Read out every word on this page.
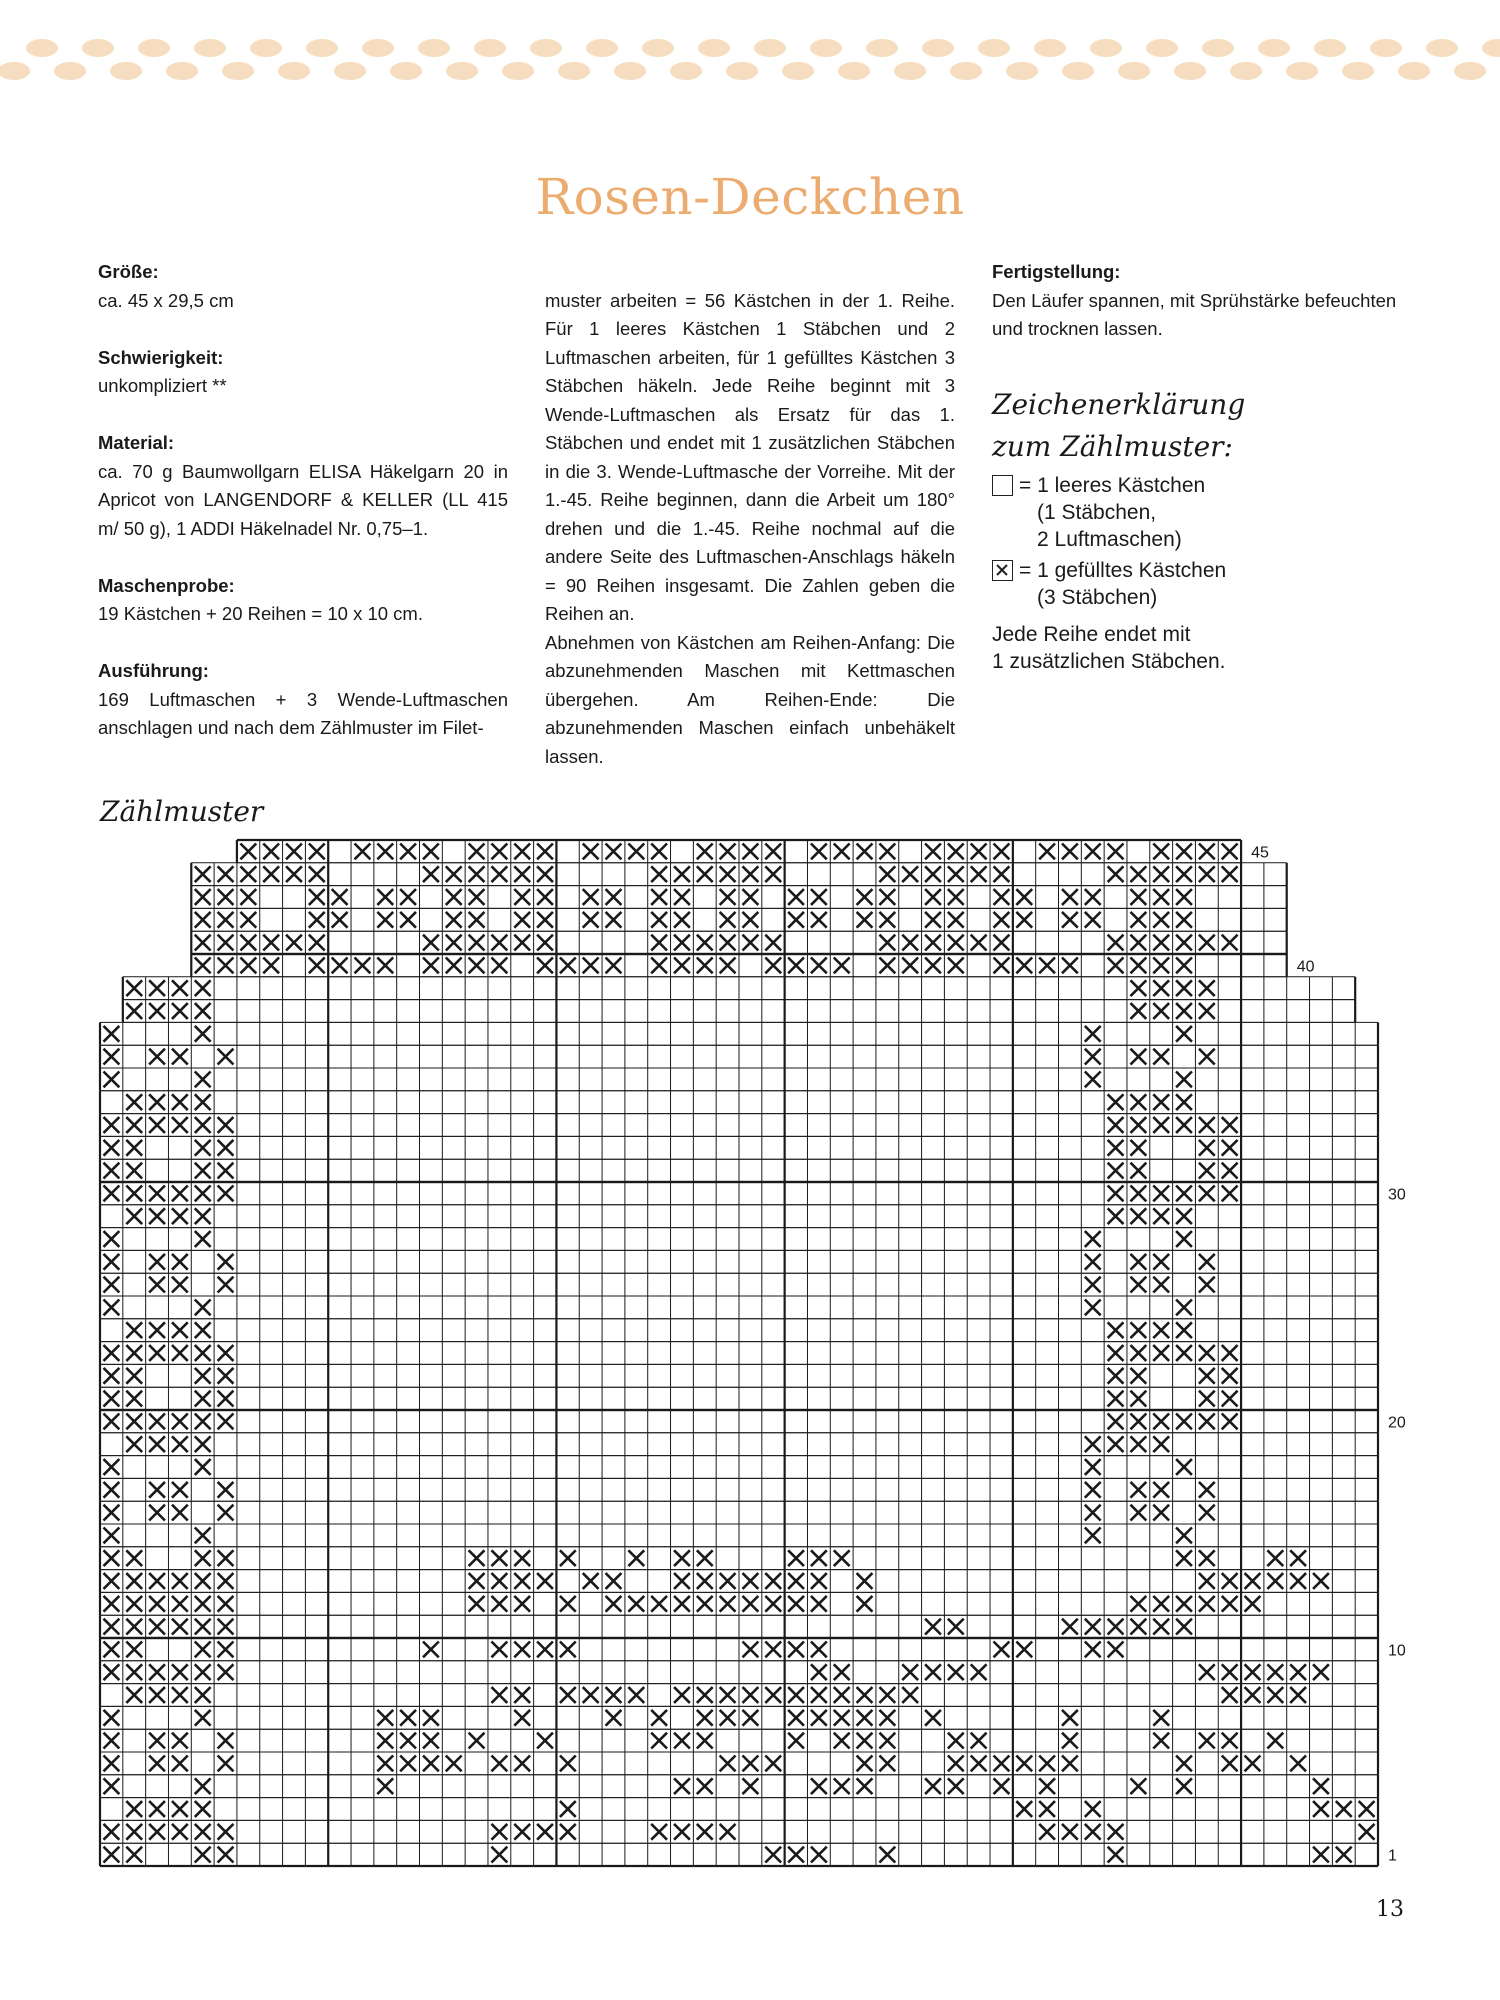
Rosen-Deckchen

Größe:

ca. 45 x 29,5 cm

Schwierigkeit:

unkompliziert **

Material:

ca. 70 g Baumwollgarn ELISA Häkelgarn 20 in Apricot von LANGENDORF & KELLER (LL 415 m/ 50 g), 1 ADDI Häkelnadel Nr. 0,75–1.

Maschenprobe:

19 Kästchen + 20 Reihen = 10 x 10 cm.

Ausführung:

169 Luftmaschen + 3 Wende-Luftmaschen anschlagen und nach dem Zählmuster im Filet-

muster arbeiten = 56 Kästchen in der 1. Reihe. Für 1 leeres Kästchen 1 Stäbchen und 2 Luftmaschen arbeiten, für 1 gefülltes Kästchen 3 Stäbchen häkeln. Jede Reihe beginnt mit 3 Wende-Luftmaschen als Ersatz für das 1. Stäbchen und endet mit 1 zusätzlichen Stäbchen in die 3. Wende-Luftmasche der Vorreihe. Mit der 1.-45. Reihe beginnen, dann die Arbeit um 180° drehen und die 1.-45. Reihe nochmal auf die andere Seite des Luftmaschen-Anschlags häkeln = 90 Reihen insgesamt. Die Zahlen geben die Reihen an.

Abnehmen von Kästchen am Reihen-Anfang: Die abzunehmenden Maschen mit Kettmaschen übergehen. Am Reihen-Ende: Die abzunehmenden Maschen einfach unbehäkelt lassen.

Fertigstellung:

Den Läufer spannen, mit Sprühstärke befeuchten und trocknen lassen.

Zeichenerklärung
zum Zählmuster:
= 1 leeres Kästchen
(1 Stäbchen,
2 Luftmaschen)
= 1 gefülltes Kästchen
(3 Stäbchen)
Jede Reihe endet mit
1 zusätzlichen Stäbchen.
Zählmuster
1
10
20
30
40
45
13
